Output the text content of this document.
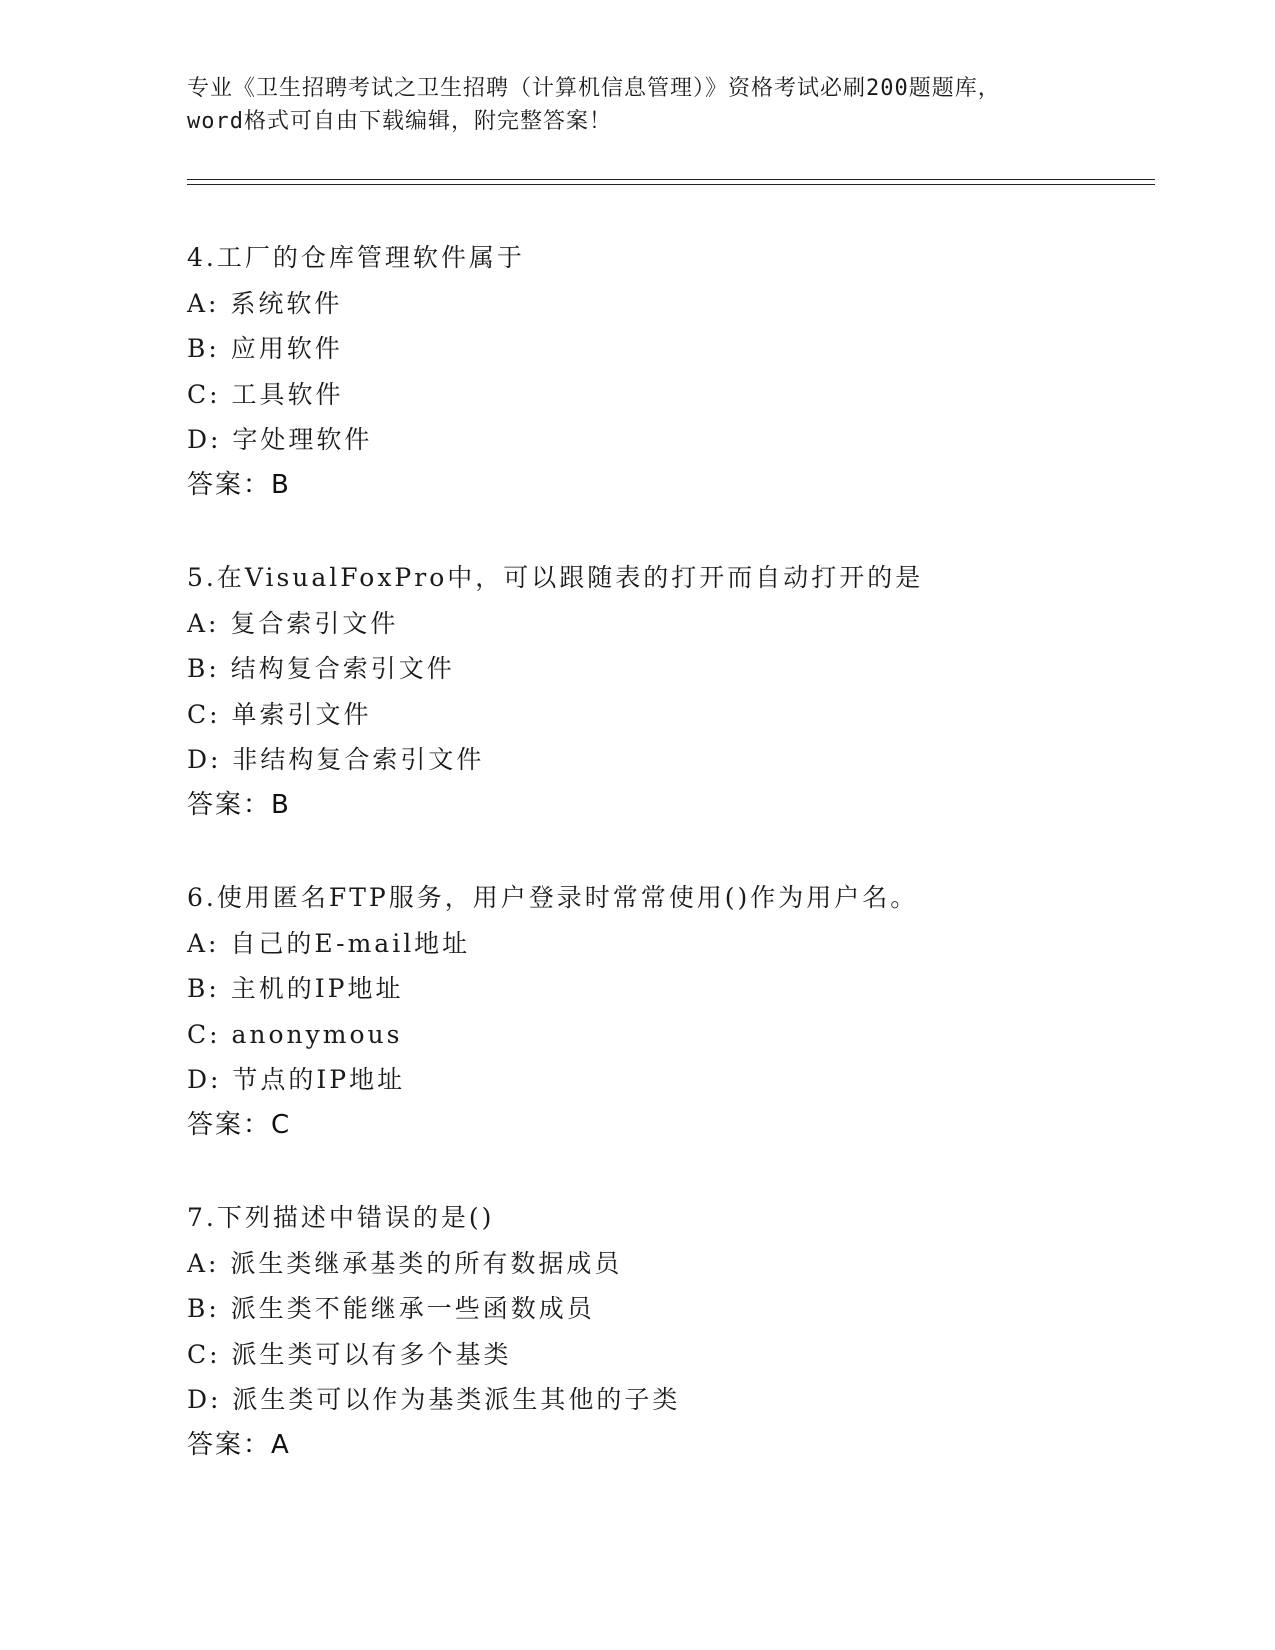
专业《卫生招聘考试之卫生招聘（计算机信息管理）》资格考试必刷200题题库，
word格式可自由下载编辑，附完整答案！
4.工厂的仓库管理软件属于
A: 系统软件
B: 应用软件
C: 工具软件
D: 字处理软件
答案：B
5.在VisualFoxPro中，可以跟随表的打开而自动打开的是
A: 复合索引文件
B: 结构复合索引文件
C: 单索引文件
D: 非结构复合索引文件
答案：B
6.使用匿名FTP服务，用户登录时常常使用()作为用户名。
A: 自己的E-mail地址
B: 主机的IP地址
C: anonymous
D: 节点的IP地址
答案：C
7.下列描述中错误的是()
A: 派生类继承基类的所有数据成员
B: 派生类不能继承一些函数成员
C: 派生类可以有多个基类
D: 派生类可以作为基类派生其他的子类
答案：A
